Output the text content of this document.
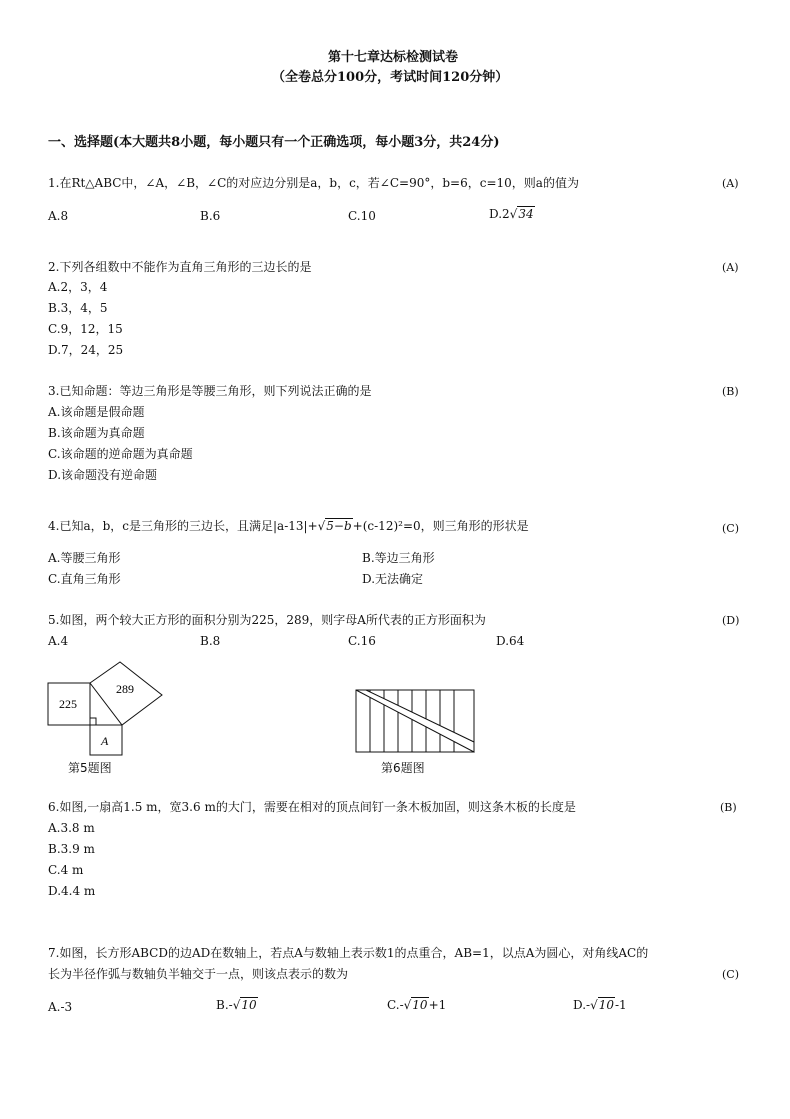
第十七章达标检测试卷
（全卷总分100分，考试时间120分钟）
一、选择题(本大题共8小题，每小题只有一个正确选项，每小题3分，共24分)
1.在Rt△ABC中，∠A，∠B，∠C的对应边分别是a，b，c，若∠C=90°，b=6，c=10，则a的值为	(A)
A.8	B.6	C.10	D.2√34
2.下列各组数中不能作为直角三角形的三边长的是	(A)
A.2，3，4
B.3，4，5
C.9，12，15
D.7，24，25
3.已知命题：等边三角形是等腰三角形，则下列说法正确的是	(B)
A.该命题是假命题
B.该命题为真命题
C.该命题的逆命题为真命题
D.该命题没有逆命题
4.已知a，b，c是三角形的三边长，且满足|a-13|+√5−b+(c-12)²=0，则三角形的形状是	(C)
A.等腰三角形	B.等边三角形
C.直角三角形	D.无法确定
5.如图，两个较大正方形的面积分别为225，289，则字母A所代表的正方形面积为	(D)
A.4	B.8	C.16	D.64
225
289
A
第5题图	第6题图
6.如图,一扇高1.5 m，宽3.6 m的大门，需要在相对的顶点间钉一条木板加固，则这条木板的长度是	(B)
A.3.8 m
B.3.9 m
C.4 m
D.4.4 m
7.如图，长方形ABCD的边AD在数轴上，若点A与数轴上表示数1的点重合，AB=1，以点A为圆心，对角线AC的
长为半径作弧与数轴负半轴交于一点，则该点表示的数为	(C)
A.-3	B.-√10	C.-√10+1	D.-√10-1
